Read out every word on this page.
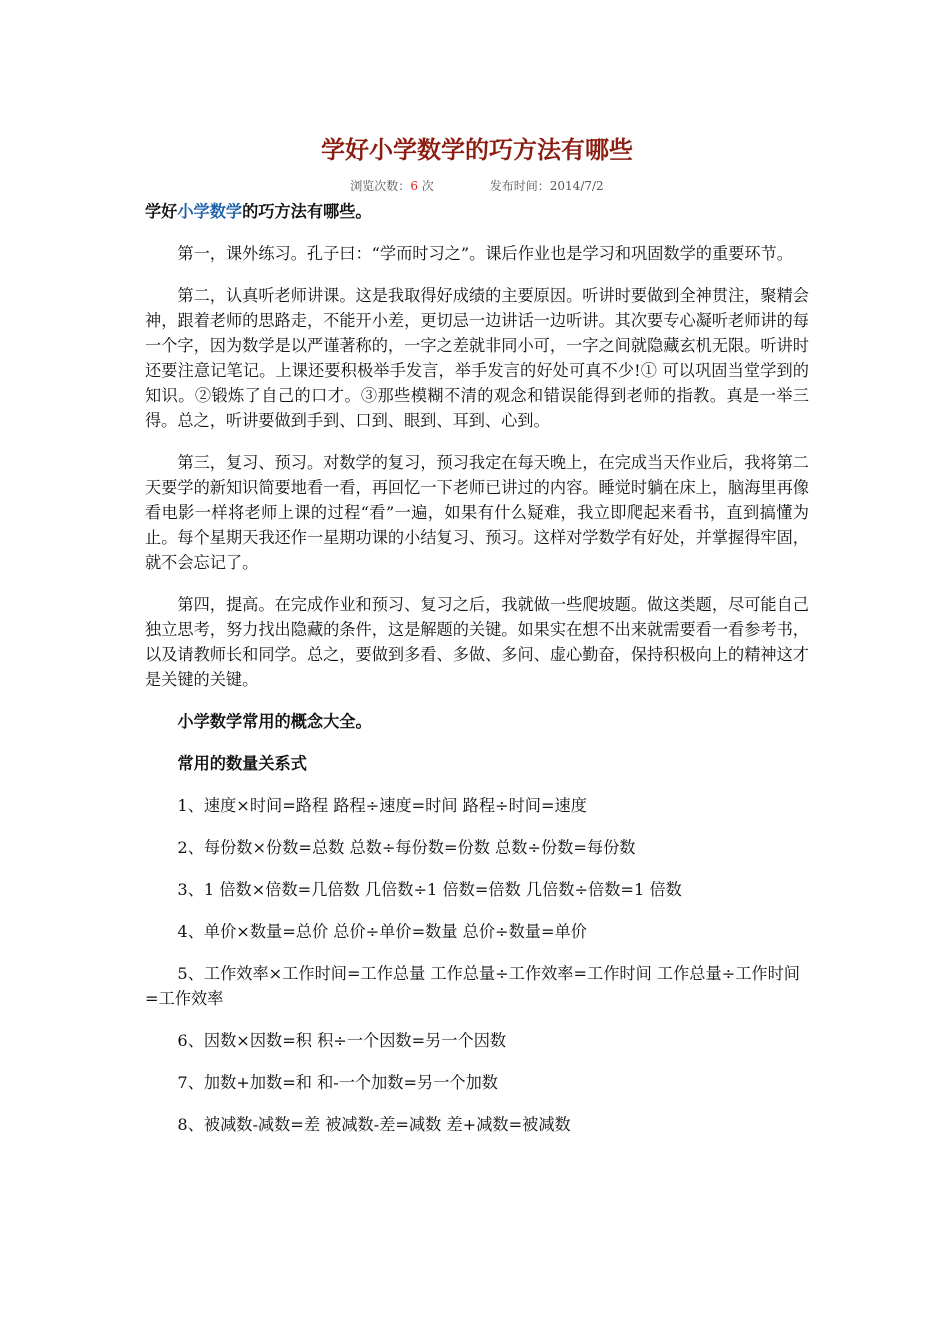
学好小学数学的巧方法有哪些
浏览次数：6 次	发布时间：2014/7/2

学好小学数学的巧方法有哪些。

第一，课外练习。孔子曰：“学而时习之”。课后作业也是学习和巩固数学的重要环节。

第二，认真听老师讲课。这是我取得好成绩的主要原因。听讲时要做到全神贯注，聚精会神，跟着老师的思路走，不能开小差，更切忌一边讲话一边听讲。其次要专心凝听老师讲的每一个字，因为数学是以严谨著称的，一字之差就非同小可，一字之间就隐藏玄机无限。听讲时还要注意记笔记。上课还要积极举手发言，举手发言的好处可真不少!① 可以巩固当堂学到的知识。②锻炼了自己的口才。③那些模糊不清的观念和错误能得到老师的指教。真是一举三得。总之，听讲要做到手到、口到、眼到、耳到、心到。

第三，复习、预习。对数学的复习，预习我定在每天晚上，在完成当天作业后，我将第二天要学的新知识简要地看一看，再回忆一下老师已讲过的内容。睡觉时躺在床上，脑海里再像看电影一样将老师上课的过程“看”一遍，如果有什么疑难，我立即爬起来看书，直到搞懂为止。每个星期天我还作一星期功课的小结复习、预习。这样对学数学有好处，并掌握得牢固，就不会忘记了。

第四，提高。在完成作业和预习、复习之后，我就做一些爬坡题。做这类题，尽可能自己独立思考，努力找出隐藏的条件，这是解题的关键。如果实在想不出来就需要看一看参考书，以及请教师长和同学。总之，要做到多看、多做、多问、虚心勤奋，保持积极向上的精神这才是关键的关键。

小学数学常用的概念大全。

常用的数量关系式

1、速度×时间=路程 路程÷速度=时间 路程÷时间=速度

2、每份数×份数=总数 总数÷每份数=份数 总数÷份数=每份数

3、1 倍数×倍数=几倍数 几倍数÷1 倍数=倍数 几倍数÷倍数=1 倍数

4、单价×数量=总价 总价÷单价=数量 总价÷数量=单价

5、工作效率×工作时间=工作总量 工作总量÷工作效率=工作时间 工作总量÷工作时间=工作效率

6、因数×因数=积 积÷一个因数=另一个因数

7、加数+加数=和 和-一个加数=另一个加数

8、被减数-减数=差 被减数-差=减数 差+减数=被减数
